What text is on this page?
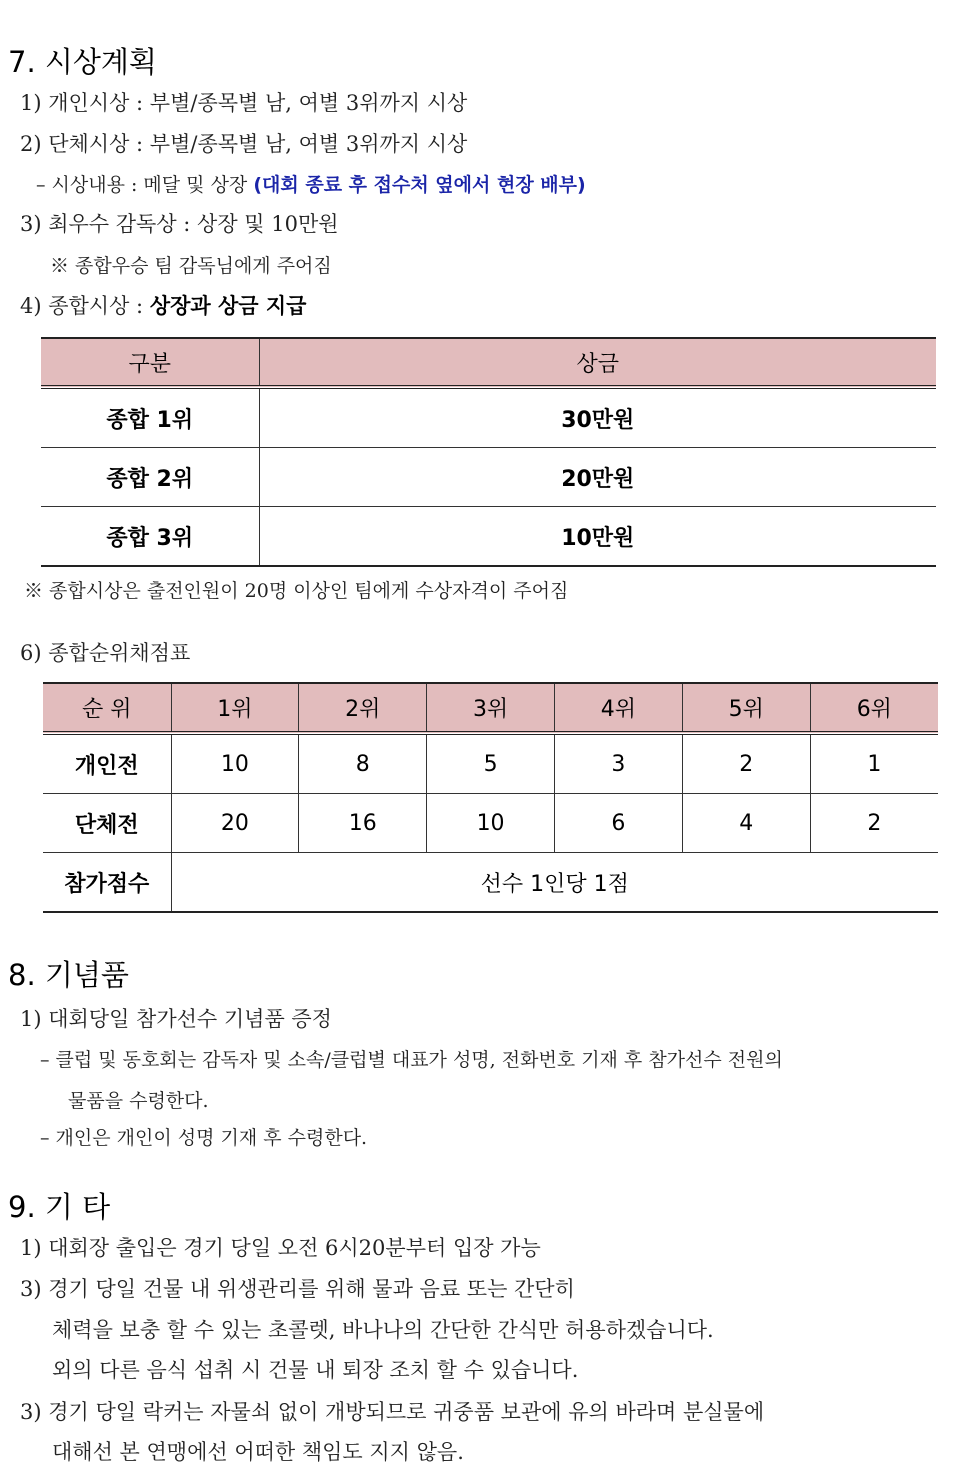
7. 시상계획
1) 개인시상 : 부별/종목별 남, 여별 3위까지 시상
2) 단체시상 : 부별/종목별 남, 여별 3위까지 시상
– 시상내용 : 메달 및 상장 (대회 종료 후 접수처 옆에서 현장 배부)
3) 최우수 감독상 : 상장 및 10만원
※ 종합우승 팀 감독님에게 주어짐
4) 종합시상 : 상장과 상금 지급
구분	상금
종합 1위	30만원
종합 2위	20만원
종합 3위	10만원
※ 종합시상은 출전인원이 20명 이상인 팀에게 수상자격이 주어짐
6) 종합순위채점표
순 위	1위	2위	3위	4위	5위	6위
개인전	10	8	5	3	2	1
단체전	20	16	10	6	4	2
참가점수	선수 1인당 1점					
8. 기념품
1) 대회당일 참가선수 기념품 증정
– 클럽 및 동호회는 감독자 및 소속/클럽별 대표가 성명, 전화번호 기재 후 참가선수 전원의
물품을 수령한다.
– 개인은 개인이 성명 기재 후 수령한다.
9. 기 타
1) 대회장 출입은 경기 당일 오전 6시20분부터 입장 가능
3) 경기 당일 건물 내 위생관리를 위해 물과 음료 또는 간단히
체력을 보충 할 수 있는 초콜렛, 바나나의 간단한 간식만 허용하겠습니다.
외의 다른 음식 섭취 시 건물 내 퇴장 조치 할 수 있습니다.
3) 경기 당일 락커는 자물쇠 없이 개방되므로 귀중품 보관에 유의 바라며 분실물에
대해선 본 연맹에선 어떠한 책임도 지지 않음.
